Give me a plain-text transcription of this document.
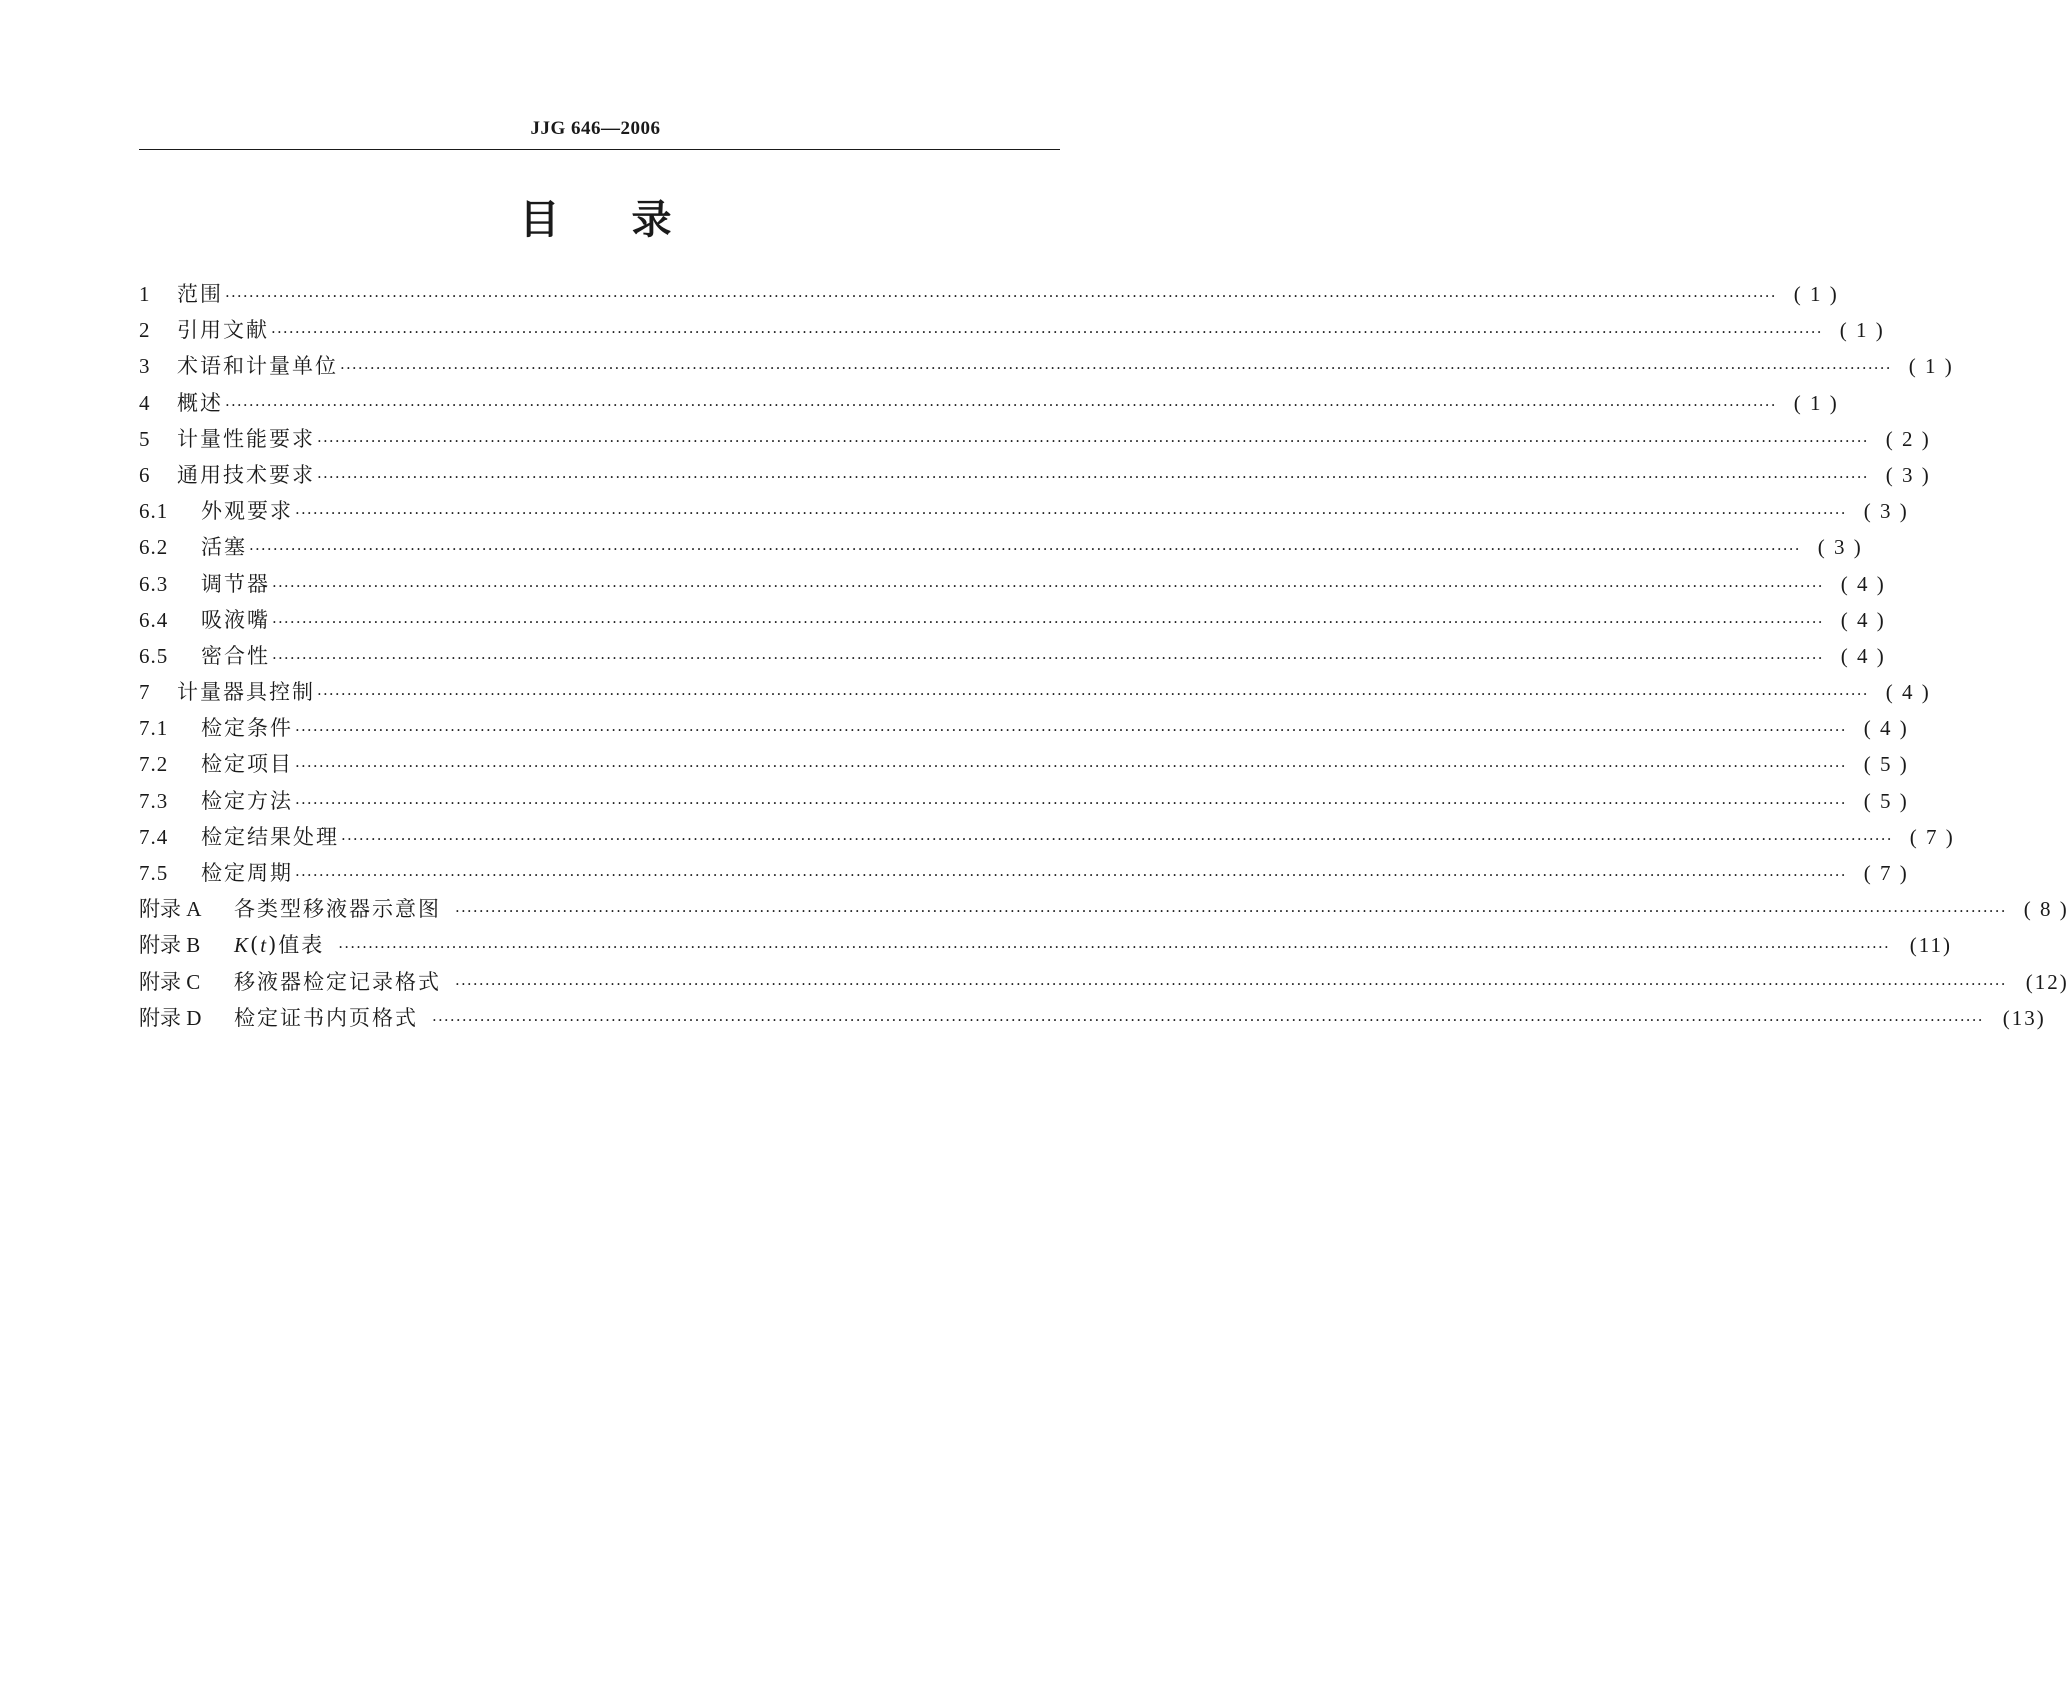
JJG 646—2006
目 录
1	范围 ···································································································································································································································································· ( 1 )
2	引用文献 ···································································································································································································································································· ( 1 )
3	术语和计量单位 ···································································································································································································································································· ( 1 )
4	概述 ···································································································································································································································································· ( 1 )
5	计量性能要求 ···································································································································································································································································· ( 2 )
6	通用技术要求 ···································································································································································································································································· ( 3 )
6.1	外观要求 ···································································································································································································································································· ( 3 )
6.2	活塞 ···································································································································································································································································· ( 3 )
6.3	调节器 ···································································································································································································································································· ( 4 )
6.4	吸液嘴 ···································································································································································································································································· ( 4 )
6.5	密合性 ···································································································································································································································································· ( 4 )
7	计量器具控制 ···································································································································································································································································· ( 4 )
7.1	检定条件 ···································································································································································································································································· ( 4 )
7.2	检定项目 ···································································································································································································································································· ( 5 )
7.3	检定方法 ···································································································································································································································································· ( 5 )
7.4	检定结果处理 ···································································································································································································································································· ( 7 )
7.5	检定周期 ···································································································································································································································································· ( 7 )
附录 A	各类型移液器示意图 ···································································································································································································································································· ( 8 )
附录 B	K(t)值表 ···································································································································································································································································· (11)
附录 C	移液器检定记录格式 ···································································································································································································································································· (12)
附录 D	检定证书内页格式 ···································································································································································································································································· (13)
